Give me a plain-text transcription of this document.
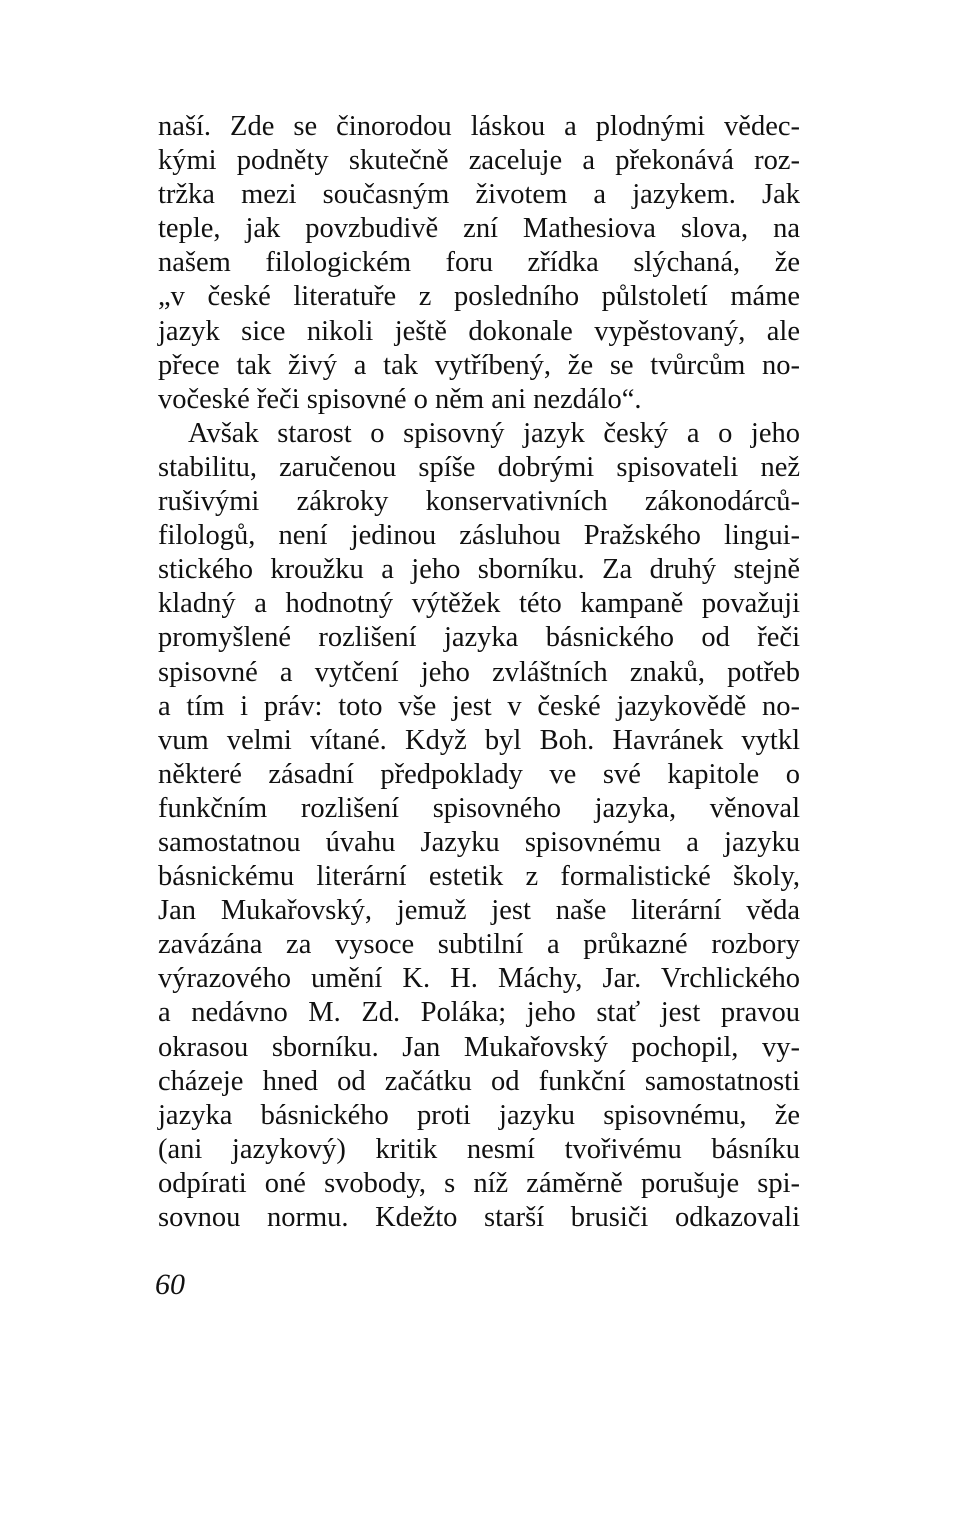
naší. Zde se činorodou láskou a plodnými vědec-
kými podněty skutečně zaceluje a překonává roz-
tržka mezi současným životem a jazykem. Jak
teple, jak povzbudivě zní Mathesiova slova, na
našem filologickém foru zřídka slýchaná, že
„v české literatuře z posledního půlstoletí máme
jazyk sice nikoli ještě dokonale vypěstovaný, ale
přece tak živý a tak vytříbený, že se tvůrcům no-
vočeské řeči spisovné o něm ani nezdálo“.
Avšak starost o spisovný jazyk český a o jeho
stabilitu, zaručenou spíše dobrými spisovateli než
rušivými zákroky konservativních zákonodárců-
filologů, není jedinou zásluhou Pražského lingui-
stického kroužku a jeho sborníku. Za druhý stejně
kladný a hodnotný výtěžek této kampaně považuji
promyšlené rozlišení jazyka básnického od řeči
spisovné a vytčení jeho zvláštních znaků, potřeb
a tím i práv: toto vše jest v české jazykovědě no-
vum velmi vítané. Když byl Boh. Havránek vytkl
některé zásadní předpoklady ve své kapitole o
funkčním rozlišení spisovného jazyka, věnoval
samostatnou úvahu Jazyku spisovnému a jazyku
básnickému literární estetik z formalistické školy,
Jan Mukařovský, jemuž jest naše literární věda
zavázána za vysoce subtilní a průkazné rozbory
výrazového umění K. H. Máchy, Jar. Vrchlického
a nedávno M. Zd. Poláka; jeho stať jest pravou
okrasou sborníku. Jan Mukařovský pochopil, vy-
cházeje hned od začátku od funkční samostatnosti
jazyka básnického proti jazyku spisovnému, že
(ani jazykový) kritik nesmí tvořivému básníku
odpírati oné svobody, s níž záměrně porušuje spi-
sovnou normu. Kdežto starší brusiči odkazovali
60
